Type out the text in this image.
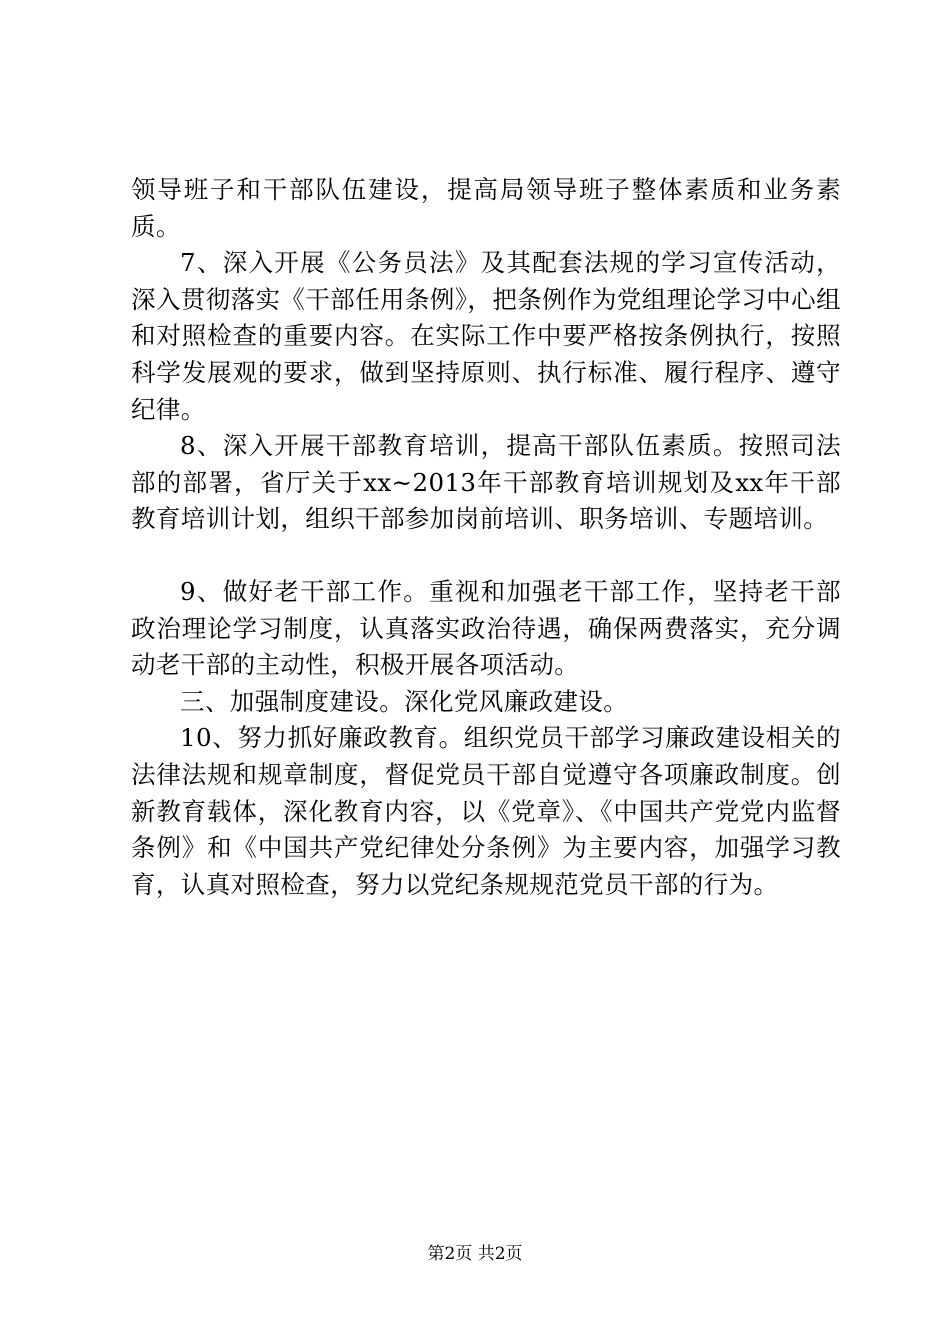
领导班子和干部队伍建设，提高局领导班子整体素质和业务素质。

7、深入开展《公务员法》及其配套法规的学习宣传活动，深入贯彻落实《干部任用条例》，把条例作为党组理论学习中心组和对照检查的重要内容。在实际工作中要严格按条例执行，按照科学发展观的要求，做到坚持原则、执行标准、履行程序、遵守纪律。

8、深入开展干部教育培训，提高干部队伍素质。按照司法部的部署，省厅关于xx~2013年干部教育培训规划及xx年干部教育培训计划，组织干部参加岗前培训、职务培训、专题培训。

9、做好老干部工作。重视和加强老干部工作，坚持老干部政治理论学习制度，认真落实政治待遇，确保两费落实，充分调动老干部的主动性，积极开展各项活动。

三、加强制度建设。深化党风廉政建设。

10、努力抓好廉政教育。组织党员干部学习廉政建设相关的法律法规和规章制度，督促党员干部自觉遵守各项廉政制度。创新教育载体，深化教育内容，以《党章》、《中国共产党党内监督条例》和《中国共产党纪律处分条例》为主要内容，加强学习教育，认真对照检查，努力以党纪条规规范党员干部的行为。

第2页 共2页
